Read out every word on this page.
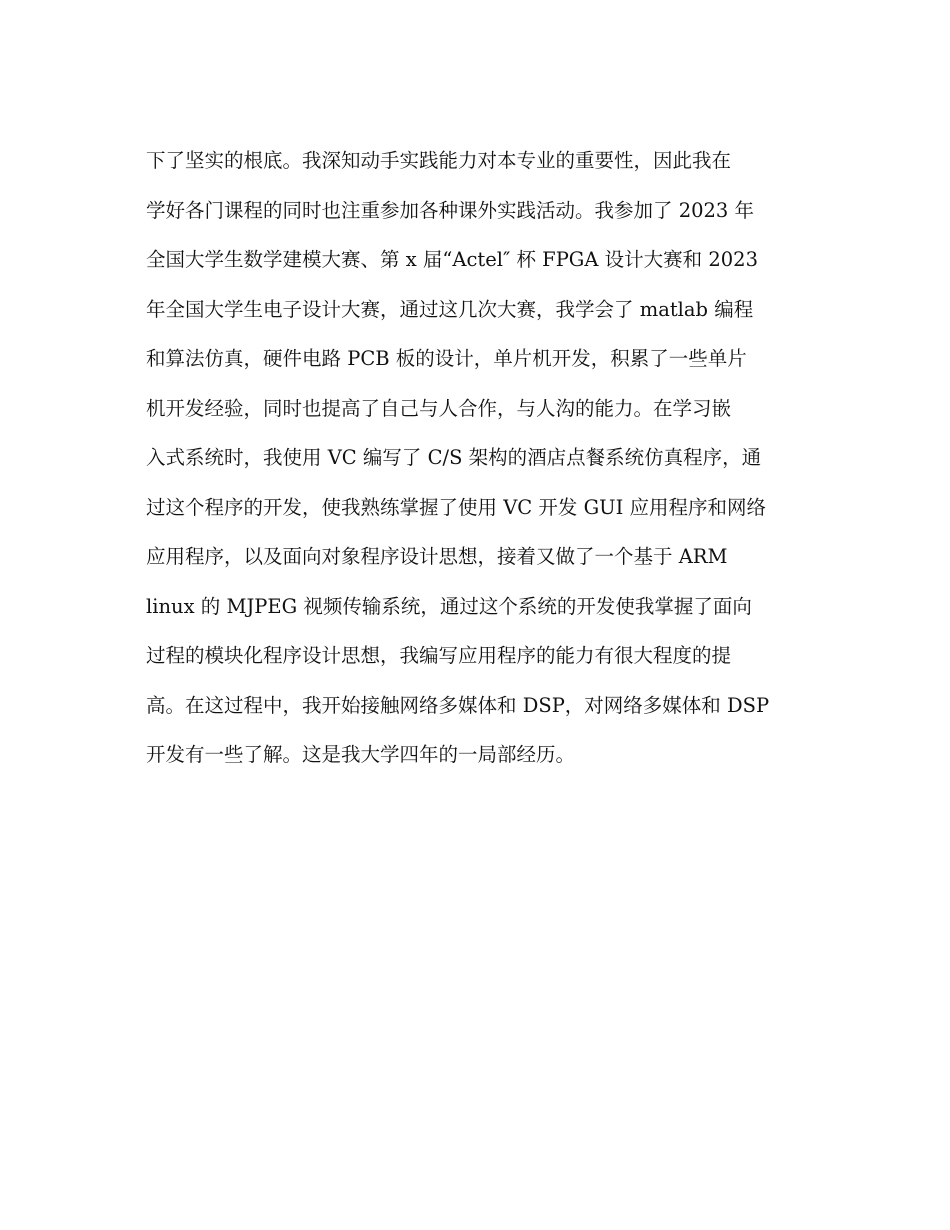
下了坚实的根底。我深知动手实践能力对本专业的重要性，因此我在
学好各门课程的同时也注重参加各种课外实践活动。我参加了 2023 年
全国大学生数学建模大赛、第 x 届“Actel″ 杯 FPGA 设计大赛和 2023
年全国大学生电子设计大赛，通过这几次大赛，我学会了 matlab 编程
和算法仿真，硬件电路 PCB 板的设计，单片机开发，积累了一些单片
机开发经验，同时也提高了自己与人合作，与人沟的能力。在学习嵌
入式系统时，我使用 VC 编写了 C/S 架构的酒店点餐系统仿真程序，通
过这个程序的开发，使我熟练掌握了使用 VC 开发 GUI 应用程序和网络
应用程序，以及面向对象程序设计思想，接着又做了一个基于 ARM
linux 的 MJPEG 视频传输系统，通过这个系统的开发使我掌握了面向
过程的模块化程序设计思想，我编写应用程序的能力有很大程度的提
高。在这过程中，我开始接触网络多媒体和 DSP，对网络多媒体和 DSP
开发有一些了解。这是我大学四年的一局部经历。
